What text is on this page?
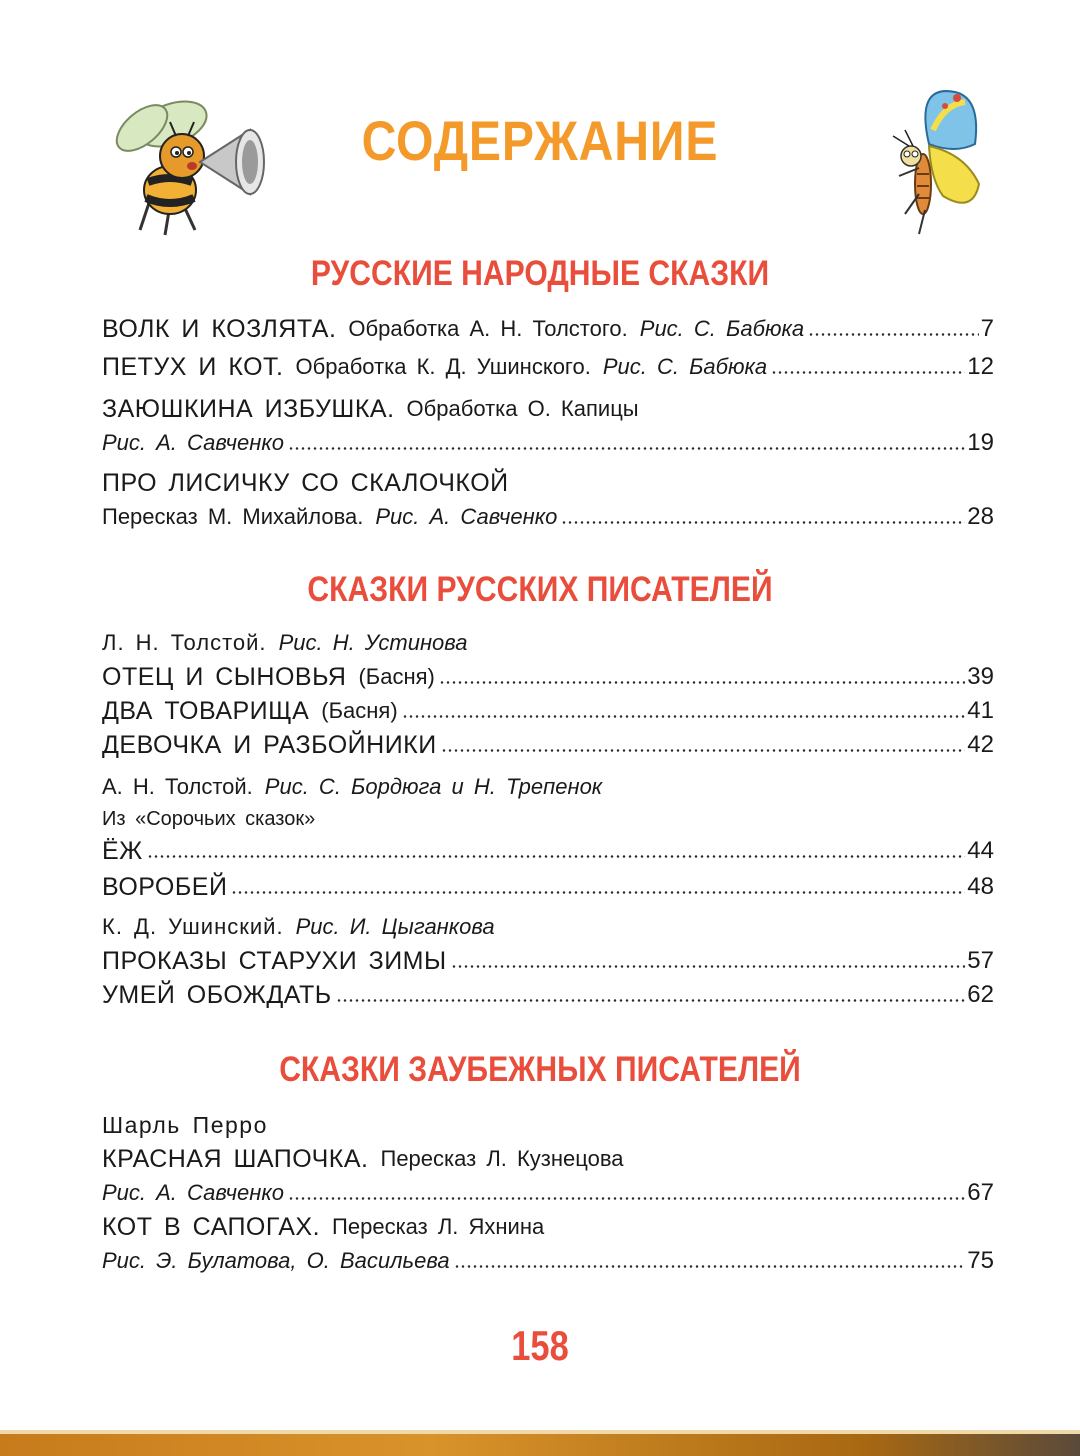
СОДЕРЖАНИЕ
РУССКИЕ НАРОДНЫЕ СКАЗКИ
ВОЛК И КОЗЛЯТА. Обработка А. Н. Толстого. Рис. С. Бабюка	7
ПЕТУХ И КОТ. Обработка К. Д. Ушинского. Рис. С. Бабюка	12
ЗАЮШКИНА ИЗБУШКА. Обработка О. Капицы
Рис. А. Савченко	19
ПРО ЛИСИЧКУ СО СКАЛОЧКОЙ
Пересказ М. Михайлова. Рис. А. Савченко	28
СКАЗКИ РУССКИХ ПИСАТЕЛЕЙ
Л. Н. Толстой. Рис. Н. Устинова
ОТЕЦ И СЫНОВЬЯ (Басня)	39
ДВА ТОВАРИЩА (Басня)	41
ДЕВОЧКА И РАЗБОЙНИКИ	42
А. Н. Толстой. Рис. С. Бордюга и Н. Трепенок
Из «Сорочьих сказок»
ЁЖ	44
ВОРОБЕЙ	48
К. Д. Ушинский. Рис. И. Цыганкова
ПРОКАЗЫ СТАРУХИ ЗИМЫ	57
УМЕЙ ОБОЖДАТЬ	62
СКАЗКИ ЗАУБЕЖНЫХ ПИСАТЕЛЕЙ
Шарль Перро
КРАСНАЯ ШАПОЧКА. Пересказ Л. Кузнецова
Рис. А. Савченко	67
КОТ В САПОГАХ. Пересказ Л. Яхнина
Рис. Э. Булатова, О. Васильева	75
158
